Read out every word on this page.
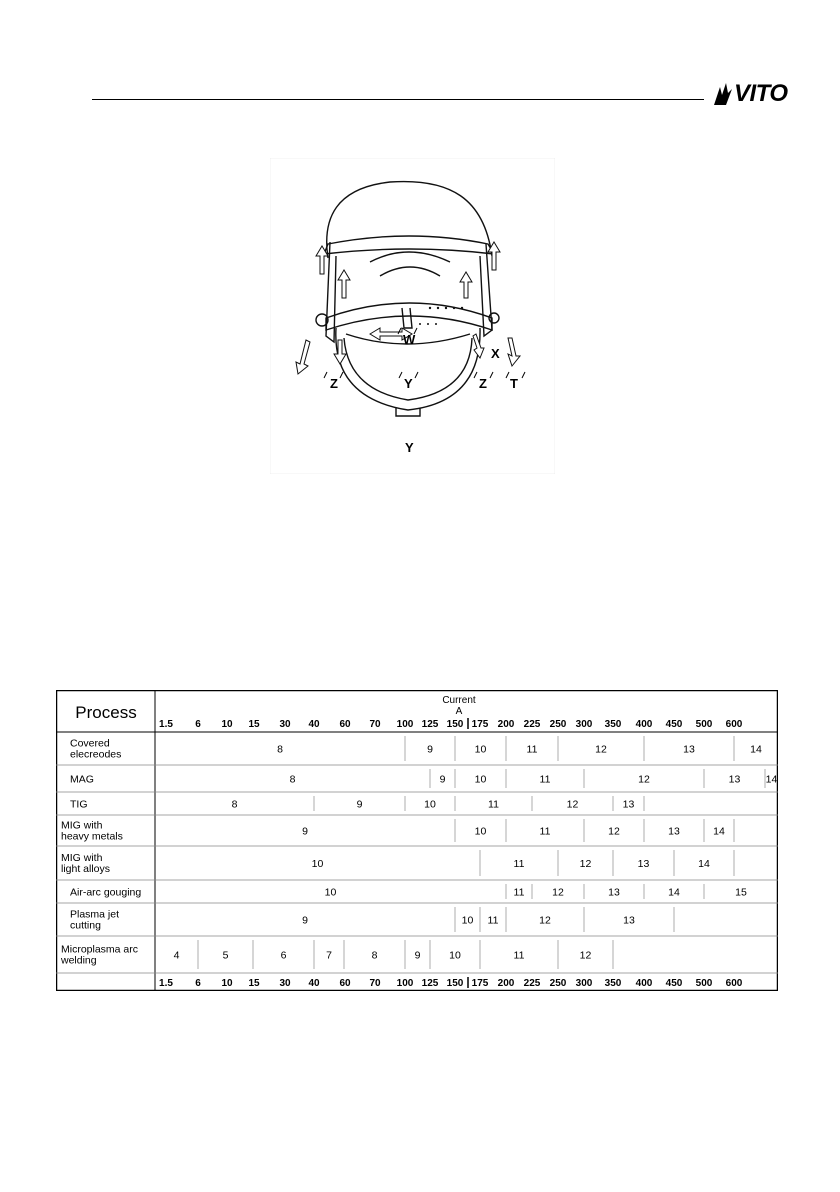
VITO
W
X
Z	Y	Z T
Y
Process
Current
A
1.5 6 10 15 30 40 60 70 100 125 150 175 200 225 250 300 350 400 450 500 600
Covered
elecreodes	8	9	10	11	12	13	14
MAG	8	9	10	11	12	13 14
TIG	8	9	10	11	12	13
MIG with
heavy metals	9	10	11	12	13	14
MIG with
light alloys	10	11	12	13	14
Air-arc gouging	10	11	12	13	14	15
Plasma jet
cutting	9	10 11	12	13
Microplasma arc
welding	4	5	6	7	8	9	10	11	12
1.5 6 10 15 30 40 60 70 100 125 150 175 200 225 250 300 350 400 450 500 600
